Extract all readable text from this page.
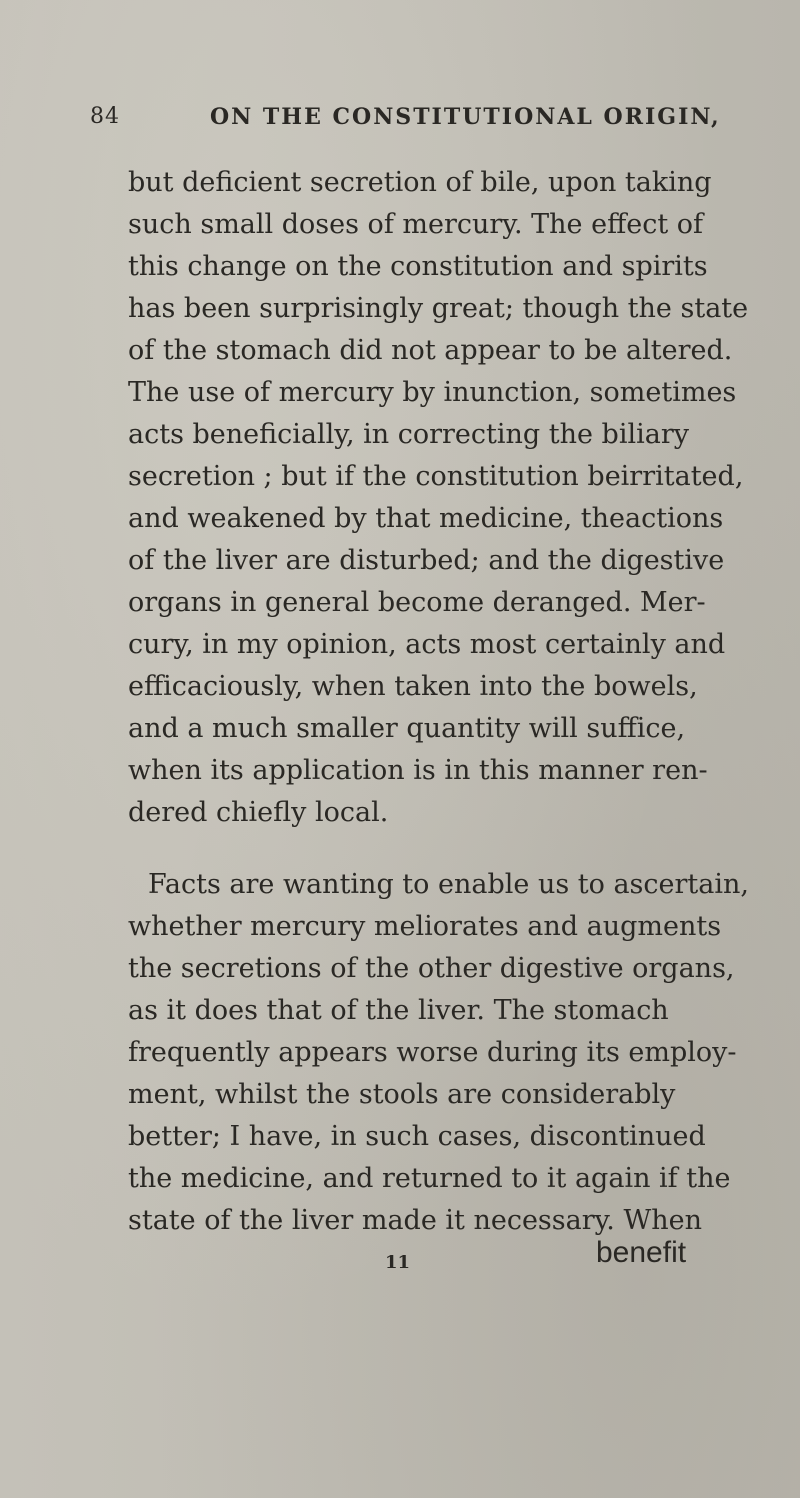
84	ON THE CONSTITUTIONAL ORIGIN,
but deficient secretion of bile, upon taking
such small doses of mercury. The effect of
this change on the constitution and spirits
has been surprisingly great; though the state
of the stomach did not appear to be altered.
The use of mercury by inunction, sometimes
acts beneficially, in correcting the biliary
secretion ; but if the constitution beirritated,
and weakened by that medicine, theactions
of the liver are disturbed; and the digestive
organs in general become deranged. Mer-
cury, in my opinion, acts most certainly and
efficaciously, when taken into the bowels,
and a much smaller quantity will suffice,
when its application is in this manner ren-
dered chiefly local.
Facts are wanting to enable us to ascertain,
whether mercury meliorates and augments
the secretions of the other digestive organs,
as it does that of the liver. The stomach
frequently appears worse during its employ-
ment, whilst the stools are considerably
better; I have, in such cases, discontinued
the medicine, and returned to it again if the
state of the liver made it necessary. When
11	benefit
